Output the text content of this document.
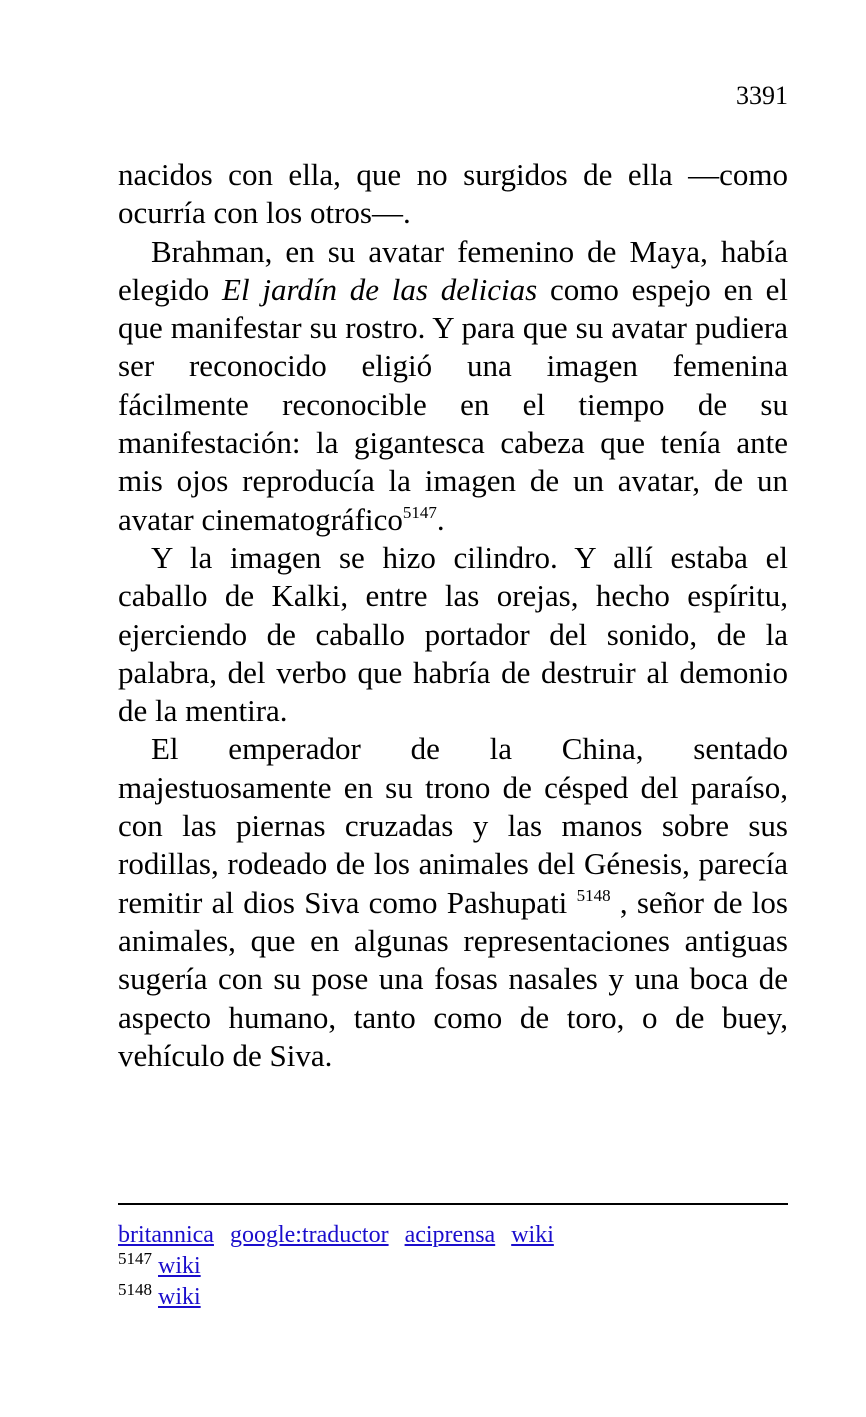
3391

nacidos con ella, que no surgidos de ella —como ocurría con los otros—.

Brahman, en su avatar femenino de Maya, había elegido El jardín de las delicias como espejo en el que manifestar su rostro. Y para que su avatar pudiera ser reconocido eligió una imagen femenina fácilmente reconocible en el tiempo de su manifestación: la gigantesca cabeza que tenía ante mis ojos reproducía la imagen de un avatar, de un avatar cinematográfico$^{5147}$.

Y la imagen se hizo cilindro. Y allí estaba el caballo de Kalki, entre las orejas, hecho espíritu, ejerciendo de caballo portador del sonido, de la palabra, del verbo que habría de destruir al demonio de la mentira.

El emperador de la China, sentado majestuosamente en su trono de césped del paraíso, con las piernas cruzadas y las manos sobre sus rodillas, rodeado de los animales del Génesis, parecía remitir al dios Siva como Pashupati $^{5148}$ , señor de los animales, que en algunas representaciones antiguas sugería con su pose una fosas nasales y una boca de aspecto humano, tanto como de toro, o de buey, vehículo de Siva.

britannica google:traductor aciprensa wiki
$^{5147}$ wiki
$^{5148}$ wiki
